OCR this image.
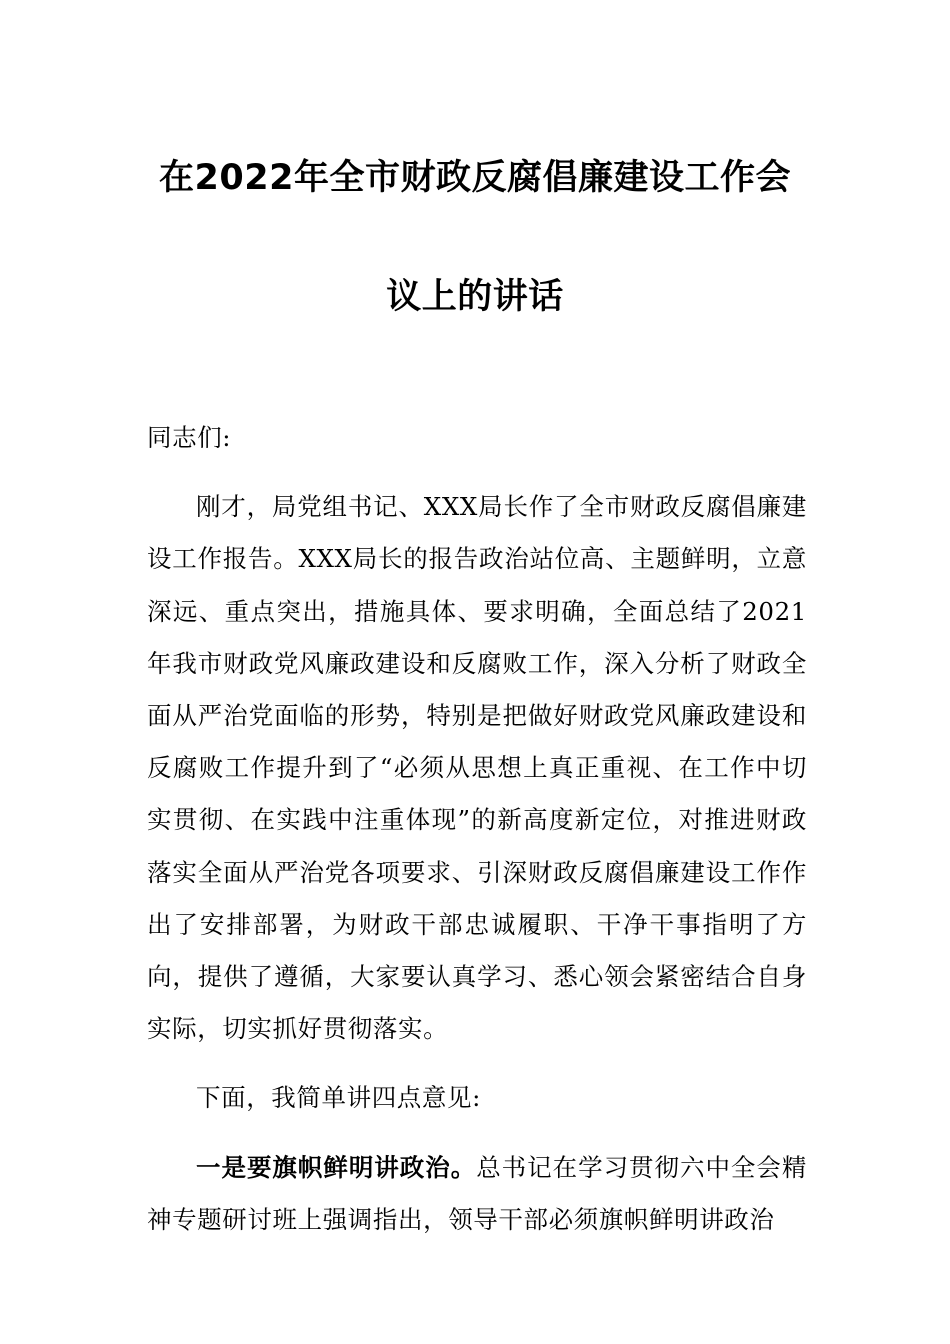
在2022年全市财政反腐倡廉建设工作会
议上的讲话

同志们:

刚才，局党组书记、XXX局长作了全市财政反腐倡廉建设工作报告。XXX局长的报告政治站位高、主题鲜明，立意深远、重点突出，措施具体、要求明确，全面总结了2021年我市财政党风廉政建设和反腐败工作，深入分析了财政全面从严治党面临的形势，特别是把做好财政党风廉政建设和反腐败工作提升到了“必须从思想上真正重视、在工作中切实贯彻、在实践中注重体现”的新高度新定位，对推进财政落实全面从严治党各项要求、引深财政反腐倡廉建设工作作出了安排部署，为财政干部忠诚履职、干净干事指明了方向，提供了遵循，大家要认真学习、悉心领会紧密结合自身实际，切实抓好贯彻落实。

下面，我简单讲四点意见:

一是要旗帜鲜明讲政治。总书记在学习贯彻六中全会精神专题研讨班上强调指出，领导干部必须旗帜鲜明讲政治
